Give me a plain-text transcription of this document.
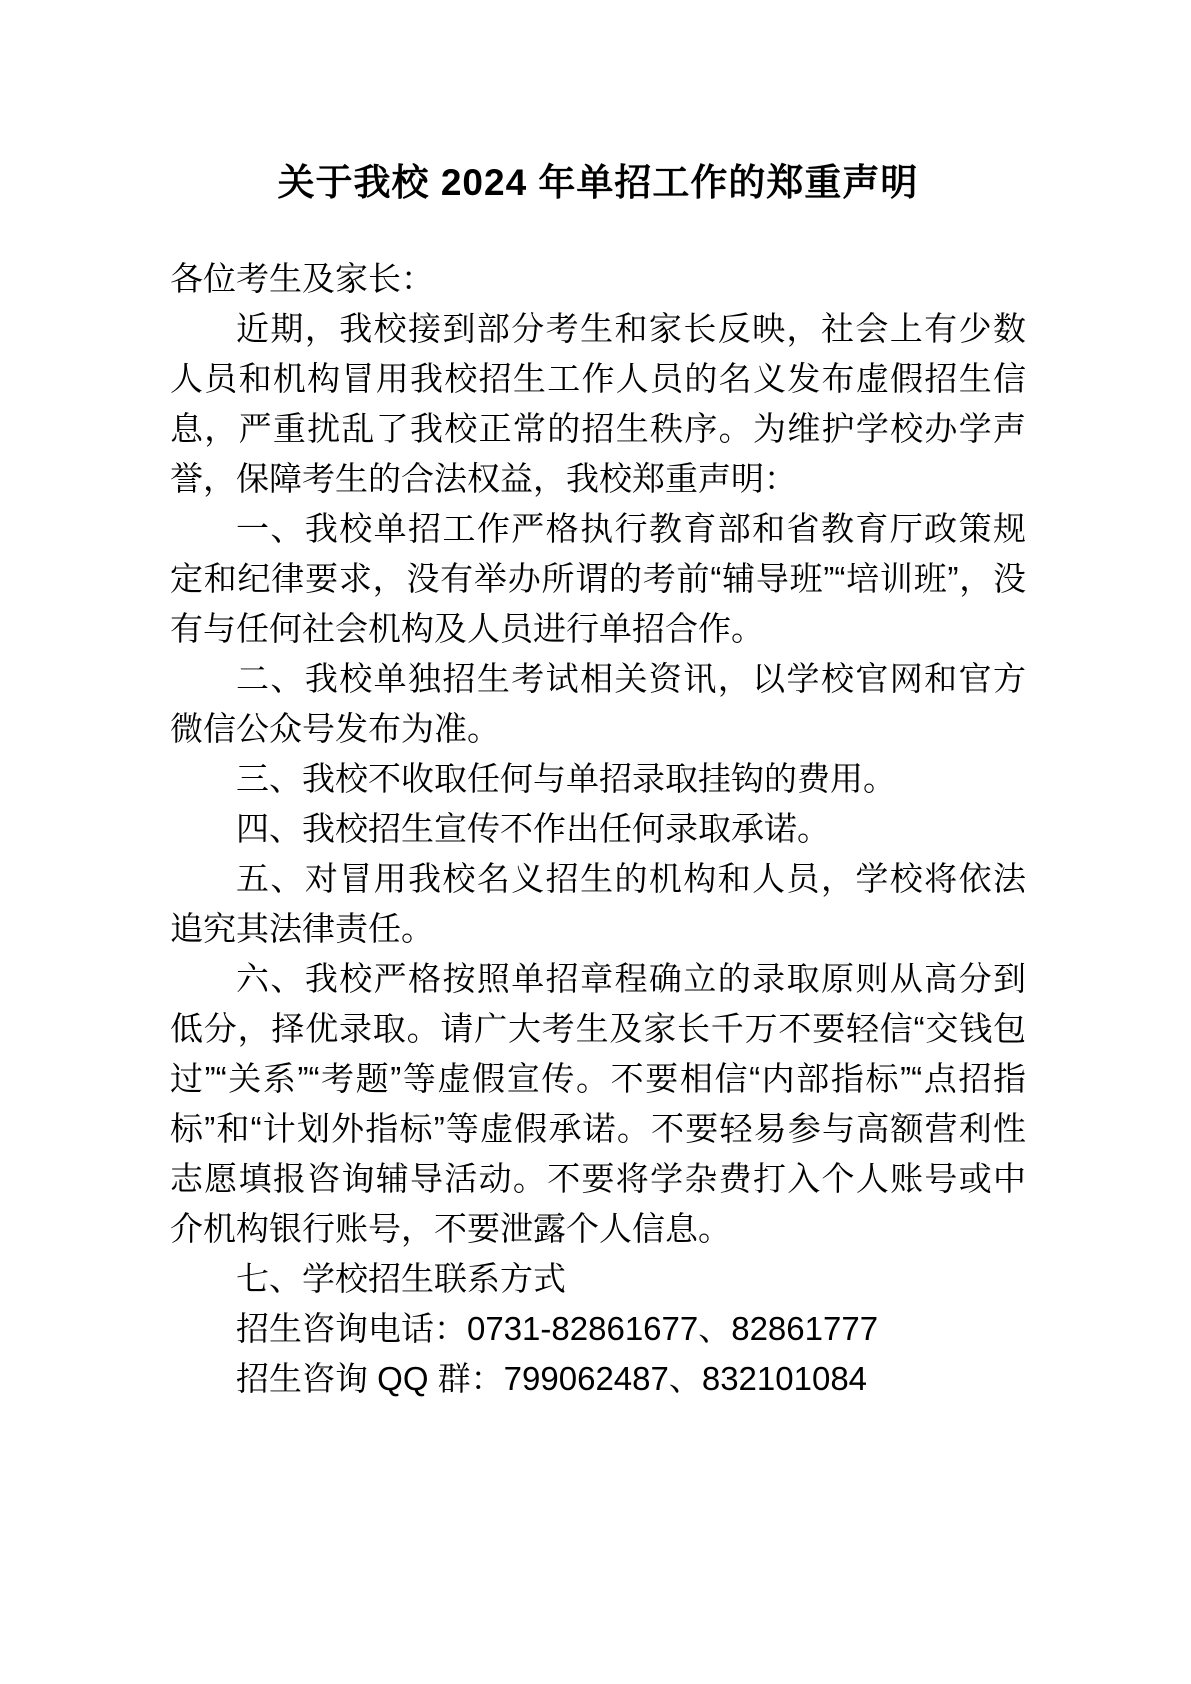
关于我校 2024 年单招工作的郑重声明

各位考生及家长：

近期，我校接到部分考生和家长反映，社会上有少数人员和机构冒用我校招生工作人员的名义发布虚假招生信息，严重扰乱了我校正常的招生秩序。为维护学校办学声誉，保障考生的合法权益，我校郑重声明：

一、我校单招工作严格执行教育部和省教育厅政策规定和纪律要求，没有举办所谓的考前“辅导班”“培训班”，没有与任何社会机构及人员进行单招合作。

二、我校单独招生考试相关资讯，以学校官网和官方微信公众号发布为准。

三、我校不收取任何与单招录取挂钩的费用。

四、我校招生宣传不作出任何录取承诺。

五、对冒用我校名义招生的机构和人员，学校将依法追究其法律责任。

六、我校严格按照单招章程确立的录取原则从高分到低分，择优录取。请广大考生及家长千万不要轻信“交钱包过”“关系”“考题”等虚假宣传。不要相信“内部指标”“点招指标”和“计划外指标”等虚假承诺。不要轻易参与高额营利性志愿填报咨询辅导活动。不要将学杂费打入个人账号或中介机构银行账号，不要泄露个人信息。

七、学校招生联系方式

招生咨询电话：0731-82861677、82861777

招生咨询 QQ 群：799062487、832101084
